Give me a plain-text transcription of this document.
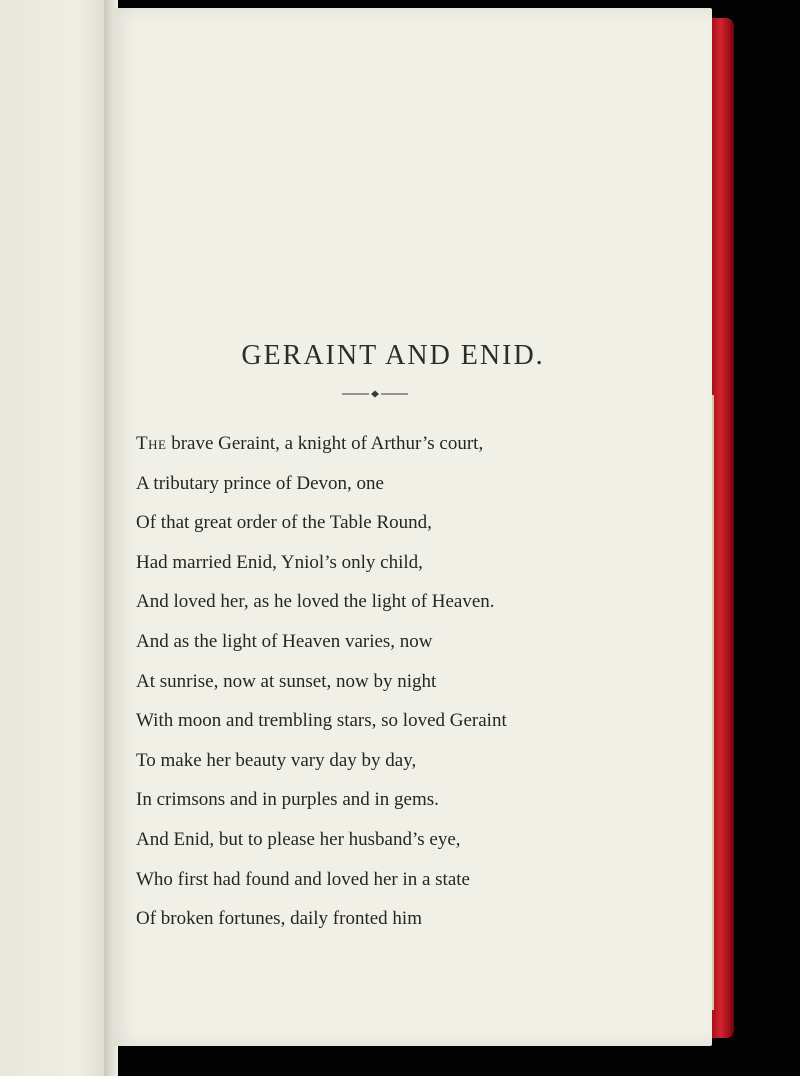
GERAINT AND ENID.
The brave Geraint, a knight of Arthur’s court,
A tributary prince of Devon, one
Of that great order of the Table Round,
Had married Enid, Yniol’s only child,
And loved her, as he loved the light of Heaven.
And as the light of Heaven varies, now
At sunrise, now at sunset, now by night
With moon and trembling stars, so loved Geraint
To make her beauty vary day by day,
In crimsons and in purples and in gems.
And Enid, but to please her husband’s eye,
Who first had found and loved her in a state
Of broken fortunes, daily fronted him
